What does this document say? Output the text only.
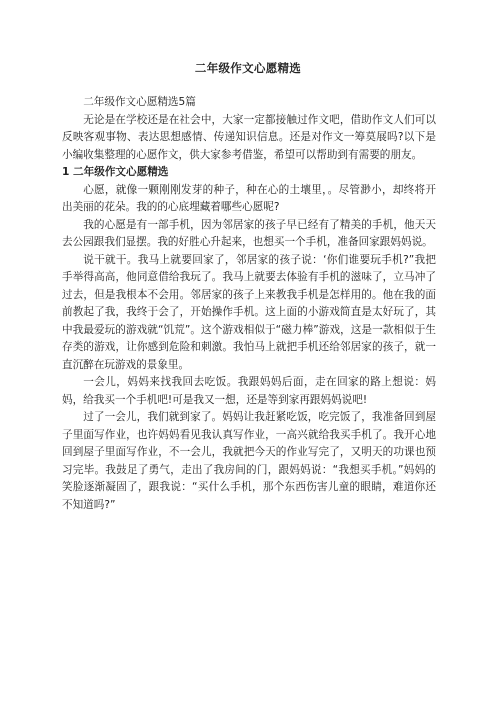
二年级作文心愿精选

二年级作文心愿精选5篇

无论是在学校还是在社会中，大家一定都接触过作文吧，借助作文人们可以反映客观事物、表达思想感情、传递知识信息。还是对作文一筹莫展吗?以下是小编收集整理的心愿作文，供大家参考借鉴，希望可以帮助到有需要的朋友。

1 二年级作文心愿精选

心愿，就像一颗刚刚发芽的种子，种在心的土壤里，。尽管渺小，却终将开出美丽的花朵。我的的心底埋藏着哪些心愿呢?

我的心愿是有一部手机，因为邻居家的孩子早已经有了精美的手机，他天天去公园跟我们显摆。我的好胜心升起来，也想买一个手机，准备回家跟妈妈说。

说干就干。我马上就要回家了，邻居家的孩子说：‘你们谁要玩手机?”我把手举得高高，他同意借给我玩了。我马上就要去体验有手机的滋味了，立马冲了过去，但是我根本不会用。邻居家的孩子上来教我手机是怎样用的。他在我的面前教起了我，我终于会了，开始操作手机。这上面的小游戏简直是太好玩了，其中我最爱玩的游戏就“饥荒”。这个游戏相似于“磁力棒”游戏，这是一款相似于生存类的游戏，让你感到危险和刺激。我怕马上就把手机还给邻居家的孩子，就一直沉醉在玩游戏的景象里。

一会儿，妈妈来找我回去吃饭。我跟妈妈后面，走在回家的路上想说：妈妈，给我买一个手机吧!可是我又一想，还是等到家再跟妈妈说吧!

过了一会儿，我们就到家了。妈妈让我赶紧吃饭，吃完饭了，我准备回到屋子里面写作业，也许妈妈看见我认真写作业，一高兴就给我买手机了。我开心地回到屋子里面写作业，不一会儿，我就把今天的作业写完了，又明天的功课也预习完毕。我鼓足了勇气，走出了我房间的门，跟妈妈说：“我想买手机。”妈妈的笑脸逐渐凝固了，跟我说：“买什么手机，那个东西伤害儿童的眼睛，难道你还不知道吗?”
